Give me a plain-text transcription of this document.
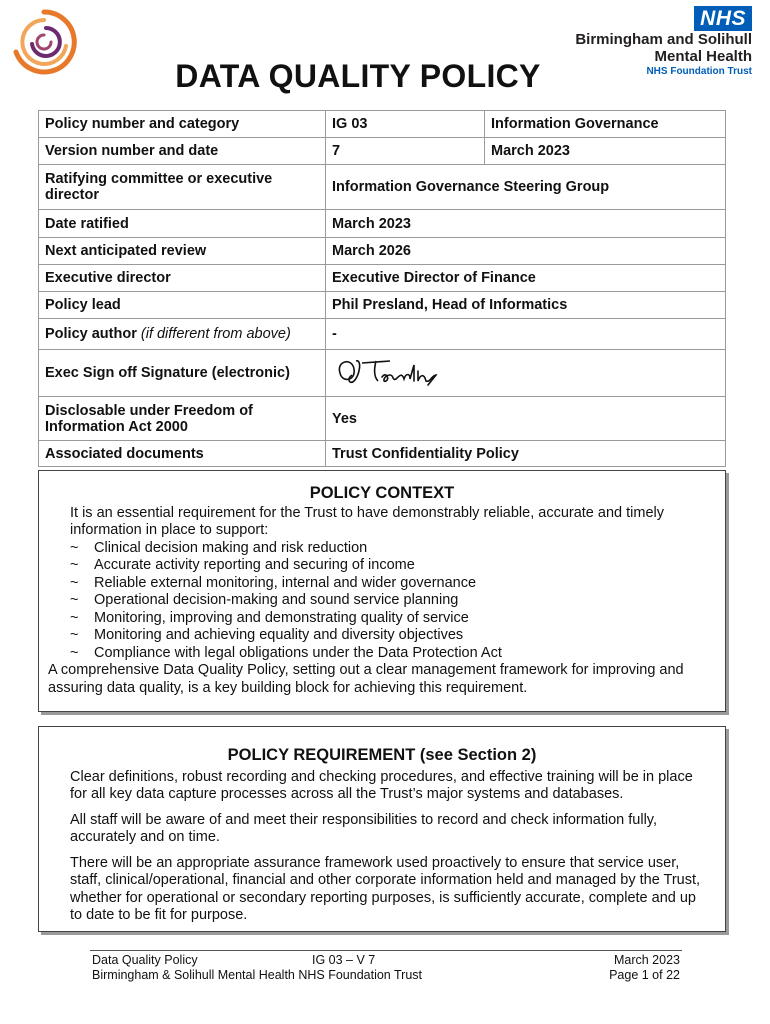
NHS
Birmingham and Solihull
Mental Health
NHS Foundation Trust
DATA QUALITY POLICY
Policy number and category	IG 03	Information Governance
Version number and date	7	March 2023
Ratifying committee or executive director	Information Governance Steering Group	
Date ratified	March 2023	
Next anticipated review	March 2026	
Executive director	Executive Director of Finance	
Policy lead	Phil Presland, Head of Informatics	
Policy author (if different from above)	-	
Exec Sign off Signature (electronic)	
Disclosable under Freedom of Information Act 2000	Yes	
Associated documents	Trust Confidentiality Policy	
POLICY CONTEXT

It is an essential requirement for the Trust to have demonstrably reliable, accurate and timely information in place to support:

~ Clinical decision making and risk reduction
~ Accurate activity reporting and securing of income
~ Reliable external monitoring, internal and wider governance
~ Operational decision-making and sound service planning
~ Monitoring, improving and demonstrating quality of service
~ Monitoring and achieving equality and diversity objectives
~ Compliance with legal obligations under the Data Protection Act

A comprehensive Data Quality Policy, setting out a clear management framework for improving and assuring data quality, is a key building block for achieving this requirement.

POLICY REQUIREMENT (see Section 2)

Clear definitions, robust recording and checking procedures, and effective training will be in place for all key data capture processes across all the Trust’s major systems and databases.

All staff will be aware of and meet their responsibilities to record and check information fully, accurately and on time.

There will be an appropriate assurance framework used proactively to ensure that service user, staff, clinical/operational, financial and other corporate information held and managed by the Trust, whether for operational or secondary reporting purposes, is sufficiently accurate, complete and up to date to be fit for purpose.

Data Quality Policy
Birmingham & Solihull Mental Health NHS Foundation Trust
IG 03 – V 7	March 2023
Page 1 of 22
